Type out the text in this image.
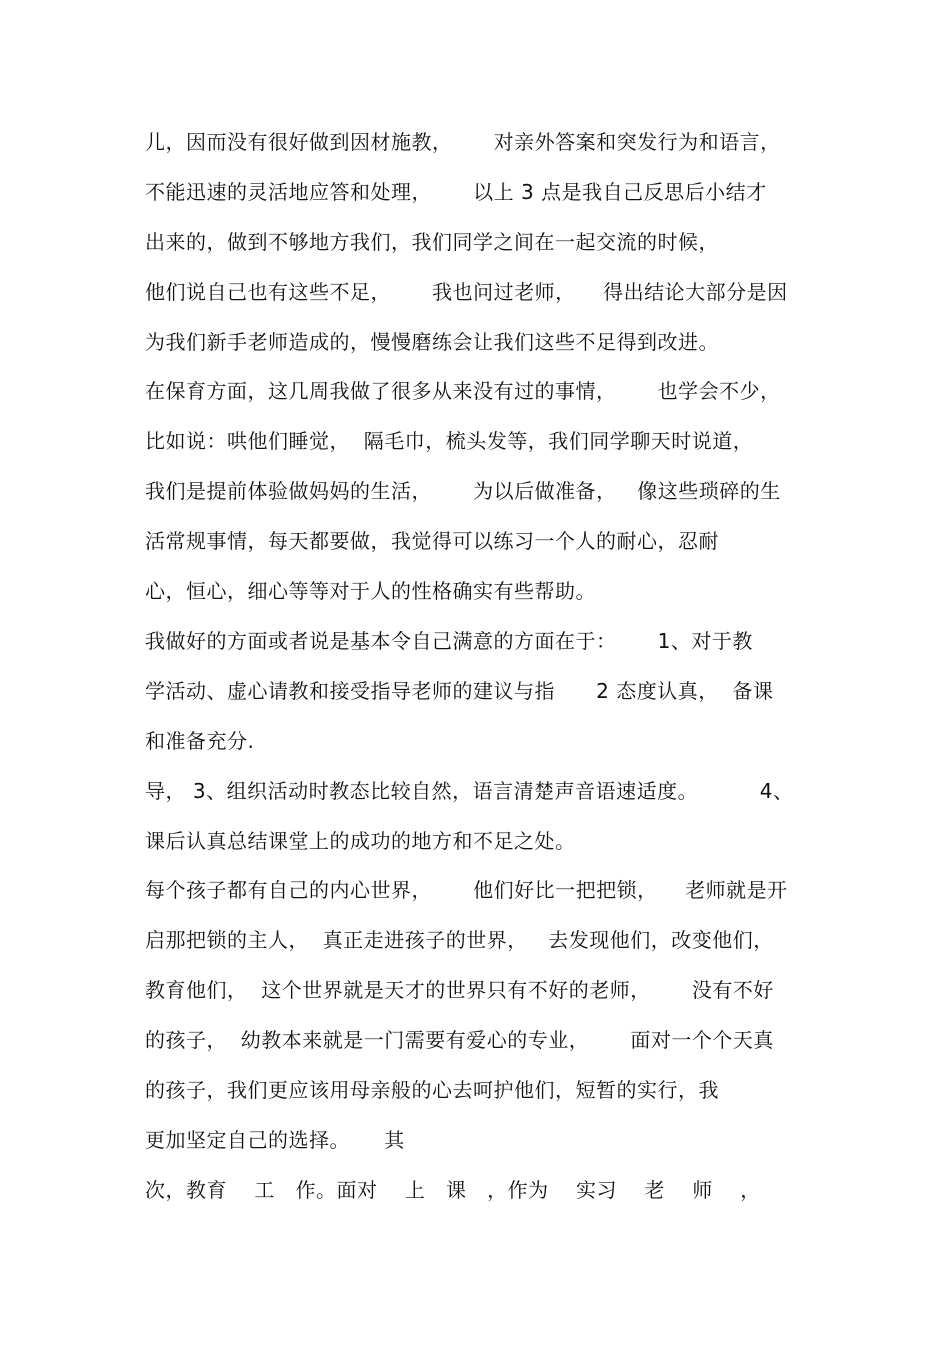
儿，因而没有很好做到因材施教，      对亲外答案和突发行为和语言，
不能迅速的灵活地应答和处理，      以上 3 点是我自己反思后小结才
出来的，做到不够地方我们，我们同学之间在一起交流的时候，
他们说自己也有这些不足，      我也问过老师，    得出结论大部分是因
为我们新手老师造成的，慢慢磨练会让我们这些不足得到改进。
在保育方面，这几周我做了很多从来没有过的事情，      也学会不少，
比如说：哄他们睡觉，  隔毛巾，梳头发等，我们同学聊天时说道，
我们是提前体验做妈妈的生活，      为以后做准备，   像这些琐碎的生
活常规事情，每天都要做，我觉得可以练习一个人的耐心，忍耐
心，恒心，细心等等对于人的性格确实有些帮助。
我做好的方面或者说是基本令自己满意的方面在于：      1、对于教
学活动、虚心请教和接受指导老师的建议与指      2 态度认真，  备课
和准备充分.
导， 3、组织活动时教态比较自然，语言清楚声音语速适度。         4、
课后认真总结课堂上的成功的地方和不足之处。
每个孩子都有自己的内心世界，      他们好比一把把锁，    老师就是开
启那把锁的主人，  真正走进孩子的世界，   去发现他们，改变他们，
教育他们，  这个世界就是天才的世界只有不好的老师，      没有不好
的孩子，  幼教本来就是一门需要有爱心的专业，      面对一个个天真
的孩子，我们更应该用母亲般的心去呵护他们，短暂的实行，我
更加坚定自己的选择。     其
次，教育    工   作。面对    上   课   ，作为    实习    老    师    ，
